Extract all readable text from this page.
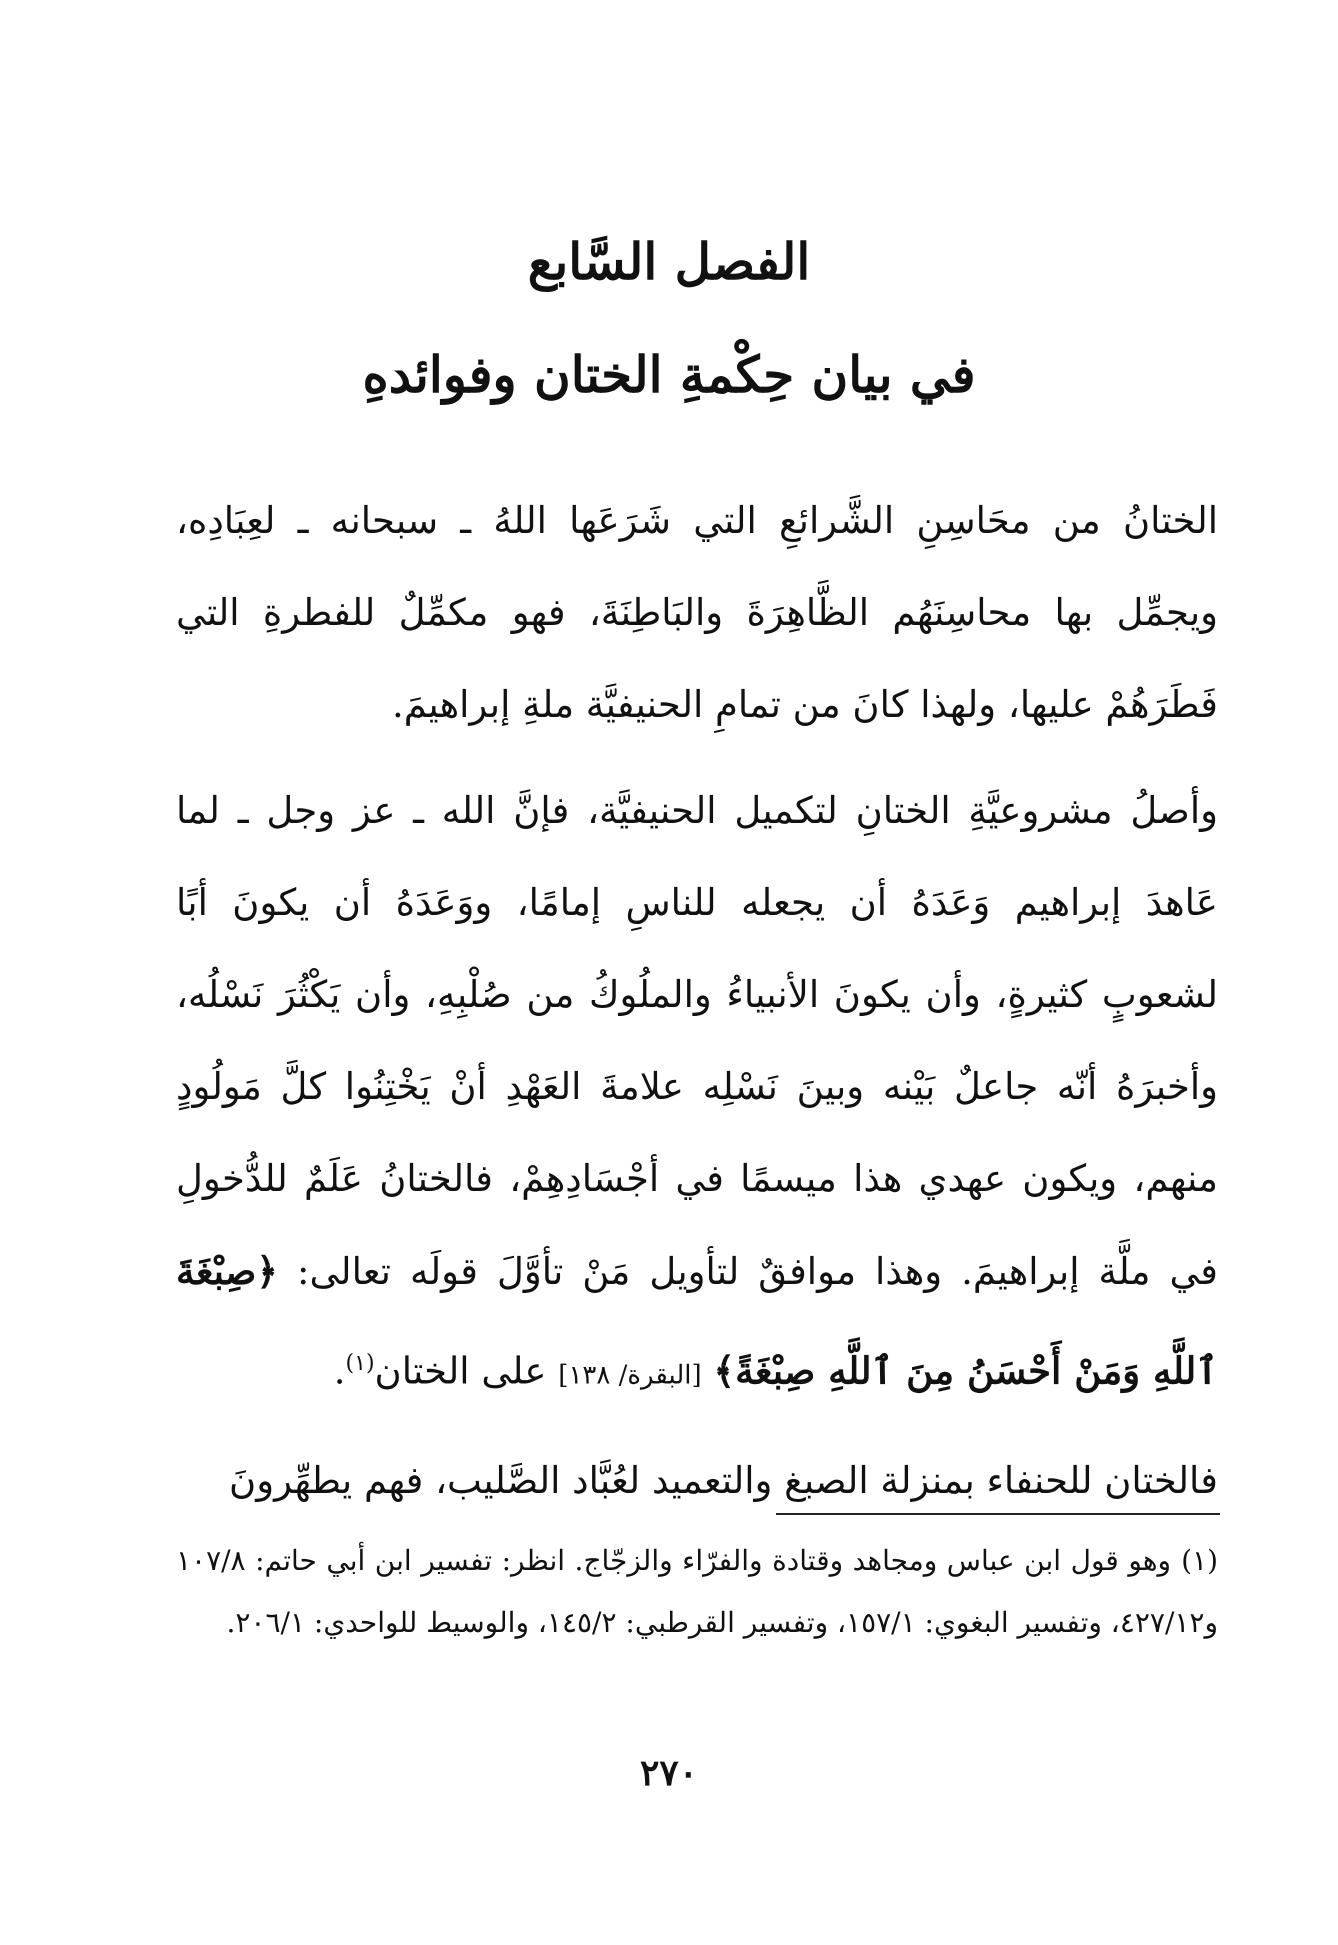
الفصل السَّابع
في بيان حِكْمةِ الختان وفوائدهِ

الختانُ من محَاسِنِ الشَّرائعِ التي شَرَعَها اللهُ ـ سبحانه ـ لعِبَادِه، ويجمِّل بها محاسِنَهُم الظَّاهِرَةَ والبَاطِنَةَ، فهو مكمِّلٌ للفطرةِ التي فَطَرَهُمْ عليها، ولهذا كانَ من تمامِ الحنيفيَّة ملةِ إبراهيمَ.

وأصلُ مشروعيَّةِ الختانِ لتكميل الحنيفيَّة، فإنَّ الله ـ عز وجل ـ لما عَاهدَ إبراهيم وَعَدَهُ أن يجعله للناسِ إمامًا، ووَعَدَهُ أن يكونَ أبًا لشعوبٍ كثيرةٍ، وأن يكونَ الأنبياءُ والملُوكُ من صُلْبِهِ، وأن يَكْثُرَ نَسْلُه، وأخبرَهُ أنّه جاعلٌ بَيْنه وبينَ نَسْلِه علامةَ العَهْدِ أنْ يَخْتِنُوا كلَّ مَولُودٍ منهم، ويكون عهدي هذا ميسمًا في أجْسَادِهِمْ، فالختانُ عَلَمٌ للدُّخولِ في ملَّة إبراهيمَ. وهذا موافقٌ لتأويل مَنْ تأوَّلَ قولَه تعالى: ﴿صِبْغَةَ ٱللَّهِ وَمَنْ أَحْسَنُ مِنَ ٱللَّهِ صِبْغَةً﴾ [البقرة/ ١٣٨] على الختان$^{(١)}$.

فالختان للحنفاء بمنزلة الصبغ والتعميد لعُبَّاد الصَّليب، فهم يطهِّرونَ

(١)وهو قول ابن عباس ومجاهد وقتادة والفرّاء والزجّاج. انظر: تفسير ابن أبي حاتم: ١٠٧/٨ و٤٢٧/١٢، وتفسير البغوي: ١٥٧/١، وتفسير القرطبي: ١٤٥/٢، والوسيط للواحدي: ٢٠٦/١.

٢٧٠
